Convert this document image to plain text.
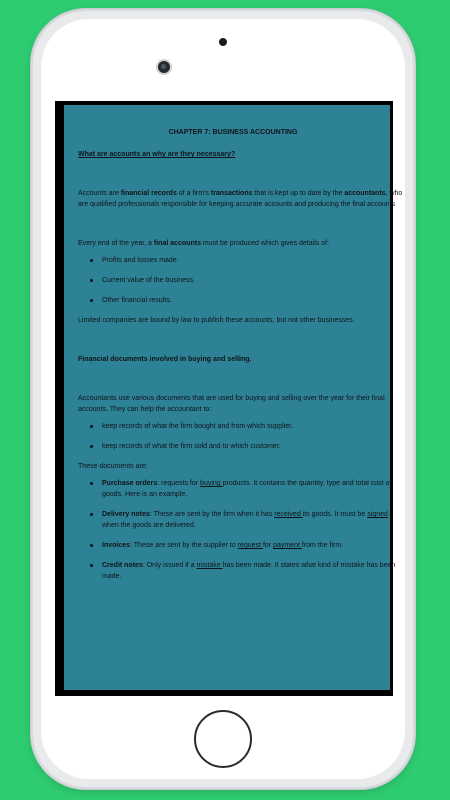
CHAPTER 7: BUSINESS ACCOUNTING

What are accounts an why are they necessary?

Accounts are financial records of a firm's transactions that is kept up to date by the accountants, who

are qualified professionals responsible for keeping accurate accounts and producing the final accounts

Every end of the year, a final accounts must be produced which gives details of:

Profits and losses made.
Current value of the business.
Other financial results.

Limited companies are bound by law to publish these accounts, but not other businesses.

Financial documents involved in buying and selling.

Accountants use various documents that are used for buying and selling over the year for their final

accounts. They can help the accountant to:

keep records of what the firm bought and from which supplier.
keep records of what the firm sold and to which customer.

These documents are:

Purchase orders: requests for buying products. It contains the quantity, type and total cost of
goods. Here is an example.
Delivery notes: These are sent by the firm when it has received its goods. It must be signed
when the goods are delivered.
Invoices: These are sent by the supplier to request for payment from the firm.
Credit notes: Only issued if a mistake has been made. It states what kind of mistake has been
made.
